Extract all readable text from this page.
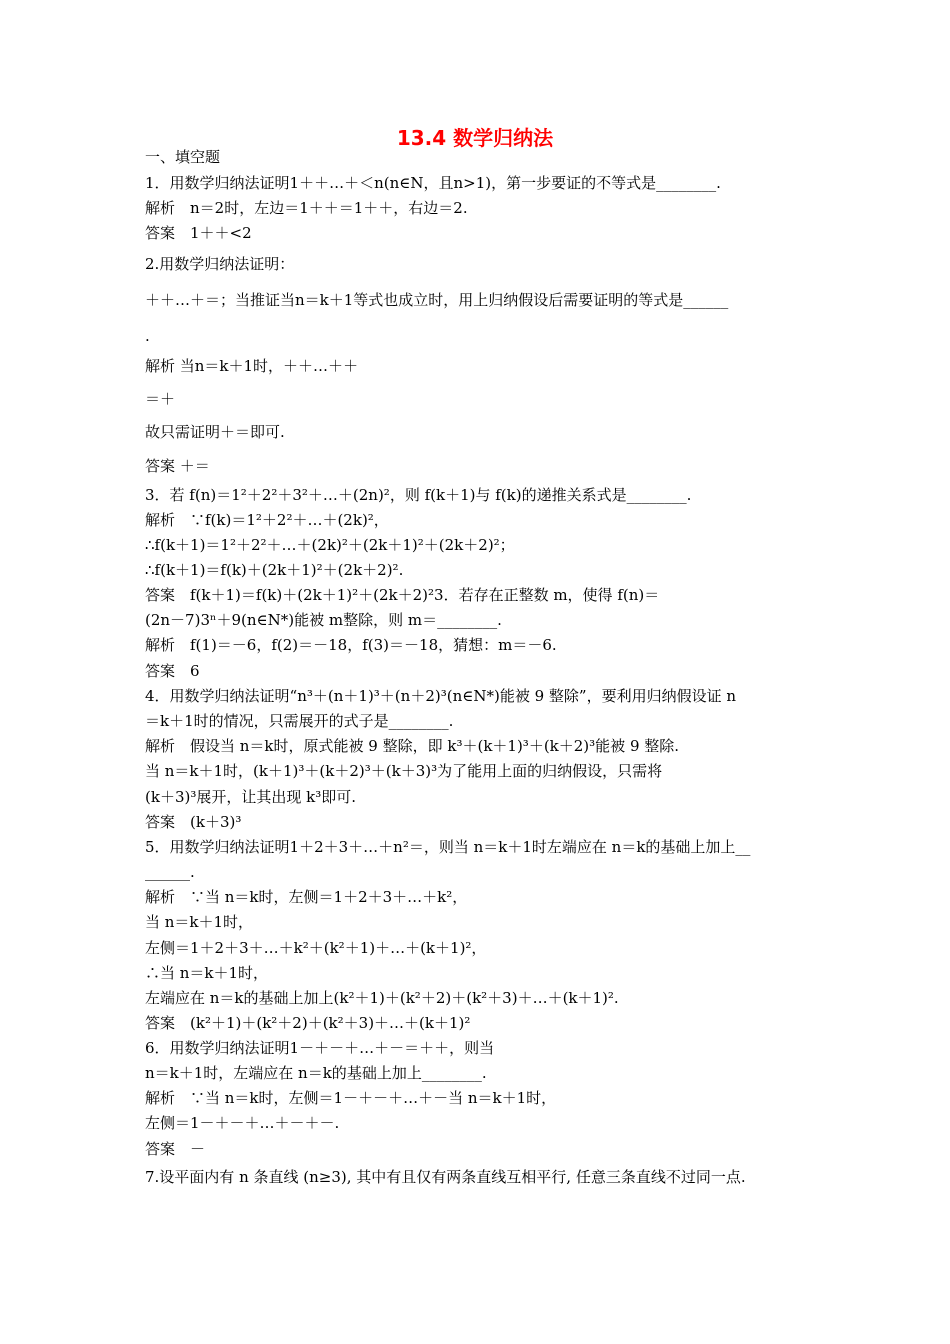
13.4 数学归纳法
一、填空题
1．用数学归纳法证明1＋＋…＋＜n(n∈N，且n>1)，第一步要证的不等式是________.
解析　n＝2时，左边＝1＋＋＝1＋＋，右边＝2.
答案　1＋＋<2
2.用数学归纳法证明：
＋＋…＋＝；当推证当n＝k＋1等式也成立时，用上归纳假设后需要证明的等式是______
.
解析 当n＝k＋1时，＋＋…＋＋
＝＋
故只需证明＋＝即可.
答案 ＋＝
3．若 f(n)＝1²＋2²＋3²＋…＋(2n)²，则 f(k＋1)与 f(k)的递推关系式是________.
解析　∵f(k)＝1²＋2²＋…＋(2k)²，
∴f(k＋1)＝1²＋2²＋…＋(2k)²＋(2k＋1)²＋(2k＋2)²；
∴f(k＋1)＝f(k)＋(2k＋1)²＋(2k＋2)².
答案　f(k＋1)＝f(k)＋(2k＋1)²＋(2k＋2)²3．若存在正整数 m，使得 f(n)＝
(2n－7)3ⁿ＋9(n∈N*)能被 m整除，则 m＝________.
解析　f(1)＝－6，f(2)＝－18，f(3)＝－18，猜想：m＝－6.
答案　6
4．用数学归纳法证明“n³＋(n＋1)³＋(n＋2)³(n∈N*)能被 9 整除”，要利用归纳假设证 n
＝k＋1时的情况，只需展开的式子是________.
解析　假设当 n＝k时，原式能被 9 整除，即 k³＋(k＋1)³＋(k＋2)³能被 9 整除.
当 n＝k＋1时，(k＋1)³＋(k＋2)³＋(k＋3)³为了能用上面的归纳假设，只需将
(k＋3)³展开，让其出现 k³即可.
答案　(k＋3)³
5．用数学归纳法证明1＋2＋3＋…＋n²＝，则当 n＝k＋1时左端应在 n＝k的基础上加上__
______.
解析　∵当 n＝k时，左侧＝1＋2＋3＋…＋k²，
当 n＝k＋1时，
左侧＝1＋2＋3＋…＋k²＋(k²＋1)＋…＋(k＋1)²，
∴当 n＝k＋1时，
左端应在 n＝k的基础上加上(k²＋1)＋(k²＋2)＋(k²＋3)＋…＋(k＋1)².
答案　(k²＋1)＋(k²＋2)＋(k²＋3)＋…＋(k＋1)²
6．用数学归纳法证明1－＋－＋…＋－＝＋＋，则当
n＝k＋1时，左端应在 n＝k的基础上加上________.
解析　∵当 n＝k时，左侧＝1－＋－＋…＋－当 n＝k＋1时，
左侧＝1－＋－＋…＋－＋－.
答案　－
7.设平面内有 n 条直线 (n≥3), 其中有且仅有两条直线互相平行, 任意三条直线不过同一点.
